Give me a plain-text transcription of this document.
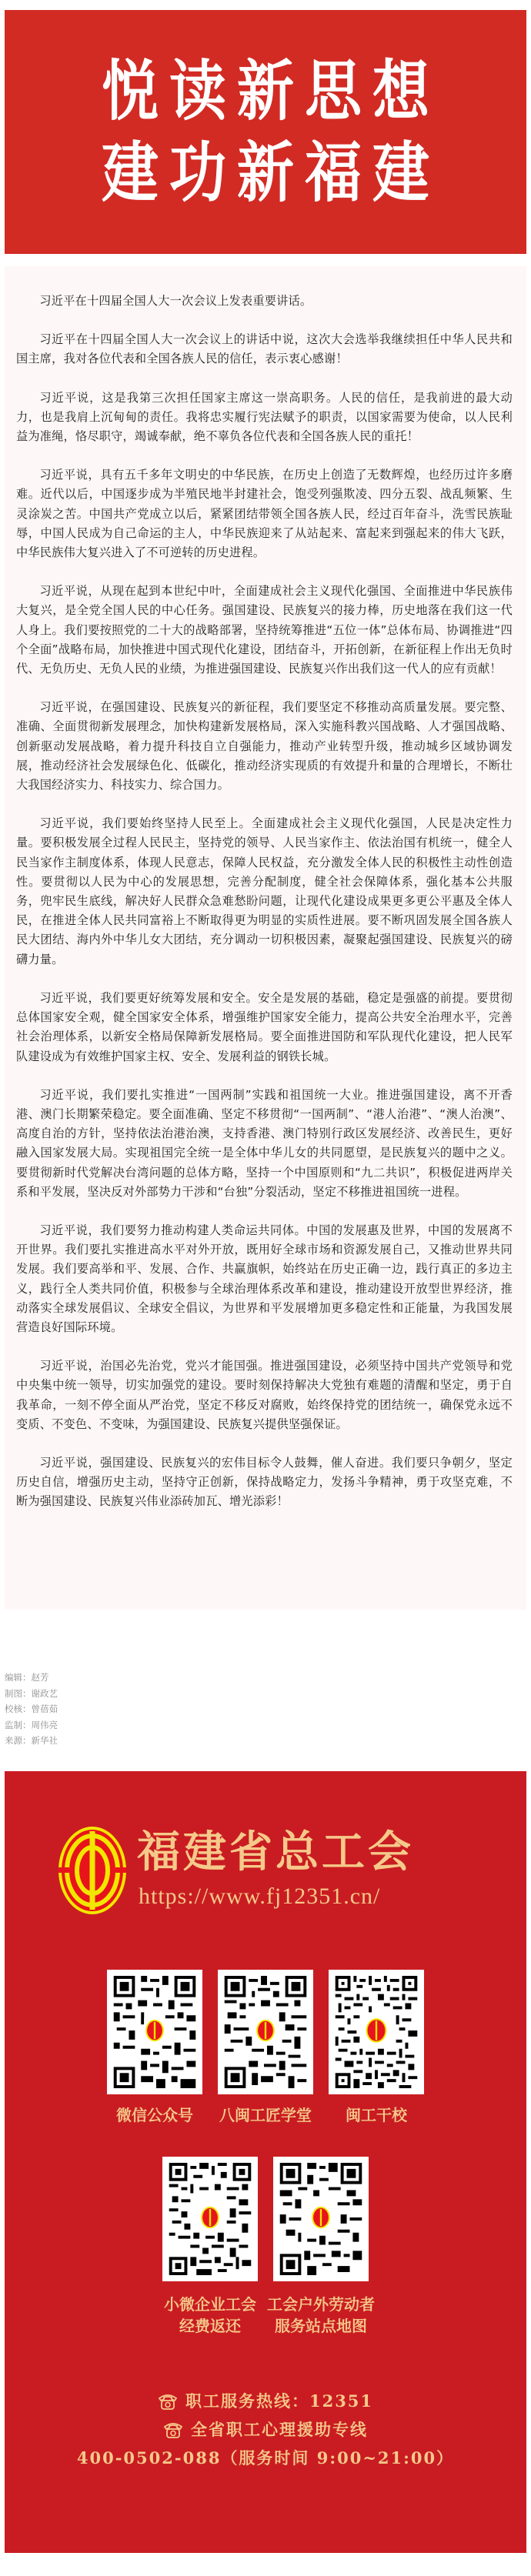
悦读新思想
建功新福建

习近平在十四届全国人大一次会议上发表重要讲话。

习近平在十四届全国人大一次会议上的讲话中说，这次大会选举我继续担任中华人民共和国主席，我对各位代表和全国各族人民的信任，表示衷心感谢！

习近平说，这是我第三次担任国家主席这一崇高职务。人民的信任，是我前进的最大动力，也是我肩上沉甸甸的责任。我将忠实履行宪法赋予的职责，以国家需要为使命，以人民利益为准绳，恪尽职守，竭诚奉献，绝不辜负各位代表和全国各族人民的重托！

习近平说，具有五千多年文明史的中华民族，在历史上创造了无数辉煌，也经历过许多磨难。近代以后，中国逐步成为半殖民地半封建社会，饱受列强欺凌、四分五裂、战乱频繁、生灵涂炭之苦。中国共产党成立以后，紧紧团结带领全国各族人民，经过百年奋斗，洗雪民族耻辱，中国人民成为自己命运的主人，中华民族迎来了从站起来、富起来到强起来的伟大飞跃，中华民族伟大复兴进入了不可逆转的历史进程。

习近平说，从现在起到本世纪中叶，全面建成社会主义现代化强国、全面推进中华民族伟大复兴，是全党全国人民的中心任务。强国建设、民族复兴的接力棒，历史地落在我们这一代人身上。我们要按照党的二十大的战略部署，坚持统筹推进“五位一体”总体布局、协调推进“四个全面”战略布局，加快推进中国式现代化建设，团结奋斗，开拓创新，在新征程上作出无负时代、无负历史、无负人民的业绩，为推进强国建设、民族复兴作出我们这一代人的应有贡献！

习近平说，在强国建设、民族复兴的新征程，我们要坚定不移推动高质量发展。要完整、准确、全面贯彻新发展理念，加快构建新发展格局，深入实施科教兴国战略、人才强国战略、创新驱动发展战略，着力提升科技自立自强能力，推动产业转型升级，推动城乡区域协调发展，推动经济社会发展绿色化、低碳化，推动经济实现质的有效提升和量的合理增长，不断壮大我国经济实力、科技实力、综合国力。

习近平说，我们要始终坚持人民至上。全面建成社会主义现代化强国，人民是决定性力量。要积极发展全过程人民民主，坚持党的领导、人民当家作主、依法治国有机统一，健全人民当家作主制度体系，体现人民意志，保障人民权益，充分激发全体人民的积极性主动性创造性。要贯彻以人民为中心的发展思想，完善分配制度，健全社会保障体系，强化基本公共服务，兜牢民生底线，解决好人民群众急难愁盼问题，让现代化建设成果更多更公平惠及全体人民，在推进全体人民共同富裕上不断取得更为明显的实质性进展。要不断巩固发展全国各族人民大团结、海内外中华儿女大团结，充分调动一切积极因素，凝聚起强国建设、民族复兴的磅礴力量。

习近平说，我们要更好统筹发展和安全。安全是发展的基础，稳定是强盛的前提。要贯彻总体国家安全观，健全国家安全体系，增强维护国家安全能力，提高公共安全治理水平，完善社会治理体系，以新安全格局保障新发展格局。要全面推进国防和军队现代化建设，把人民军队建设成为有效维护国家主权、安全、发展利益的钢铁长城。

习近平说，我们要扎实推进“一国两制”实践和祖国统一大业。推进强国建设，离不开香港、澳门长期繁荣稳定。要全面准确、坚定不移贯彻“一国两制”、“港人治港”、“澳人治澳”、高度自治的方针，坚持依法治港治澳，支持香港、澳门特别行政区发展经济、改善民生，更好融入国家发展大局。实现祖国完全统一是全体中华儿女的共同愿望，是民族复兴的题中之义。要贯彻新时代党解决台湾问题的总体方略，坚持一个中国原则和“九二共识”，积极促进两岸关系和平发展，坚决反对外部势力干涉和“台独”分裂活动，坚定不移推进祖国统一进程。

习近平说，我们要努力推动构建人类命运共同体。中国的发展惠及世界，中国的发展离不开世界。我们要扎实推进高水平对外开放，既用好全球市场和资源发展自己，又推动世界共同发展。我们要高举和平、发展、合作、共赢旗帜，始终站在历史正确一边，践行真正的多边主义，践行全人类共同价值，积极参与全球治理体系改革和建设，推动建设开放型世界经济，推动落实全球发展倡议、全球安全倡议，为世界和平发展增加更多稳定性和正能量，为我国发展营造良好国际环境。

习近平说，治国必先治党，党兴才能国强。推进强国建设，必须坚持中国共产党领导和党中央集中统一领导，切实加强党的建设。要时刻保持解决大党独有难题的清醒和坚定，勇于自我革命，一刻不停全面从严治党，坚定不移反对腐败，始终保持党的团结统一，确保党永远不变质、不变色、不变味，为强国建设、民族复兴提供坚强保证。

习近平说，强国建设、民族复兴的宏伟目标令人鼓舞，催人奋进。我们要只争朝夕，坚定历史自信，增强历史主动，坚持守正创新，保持战略定力，发扬斗争精神，勇于攻坚克难，不断为强国建设、民族复兴伟业添砖加瓦、增光添彩！

编辑：赵芳
制图：谢政艺
校核：曾蓓茹
监制：周伟亮
来源：新华社
福建省总工会
https://www.fj12351.cn/
微信公众号 八闽工匠学堂 闽工干校
小微企业工会
经费返还
工会户外劳动者
服务站点地图
职工服务热线：12351
全省职工心理援助专线
400-0502-088（服务时间 9:00~21:00）
